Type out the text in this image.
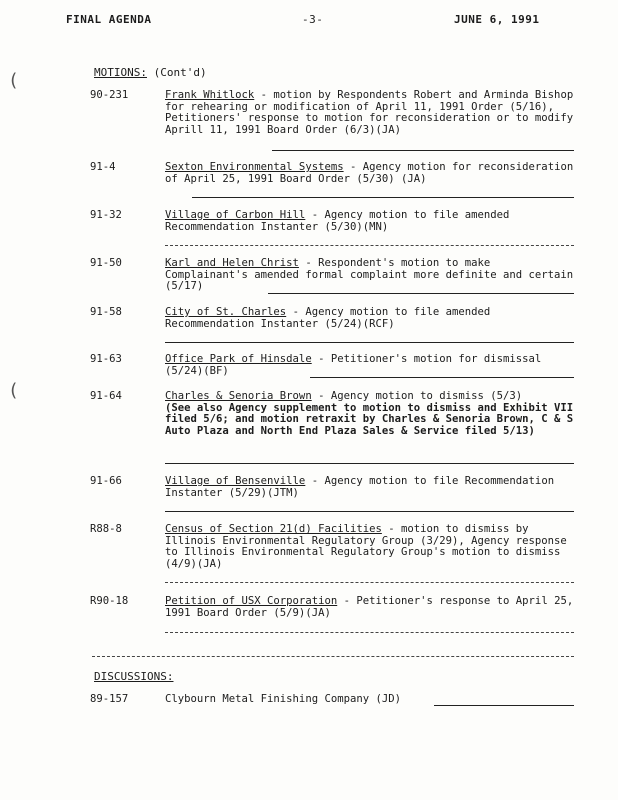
FINAL AGENDA	-3-	JUNE 6, 1991
(
(
MOTIONS: (Cont'd)
90-231	Frank Whitlock - motion by Respondents Robert and Arminda Bishop for rehearing or modification of April 11, 1991 Order (5/16), Petitioners' response to motion for reconsideration or to modify Aprill 11, 1991 Board Order (6/3)(JA)
91-4	Sexton Environmental Systems - Agency motion for reconsideration of April 25, 1991 Board Order (5/30) (JA)
91-32	Village of Carbon Hill - Agency motion to file amended Recommendation Instanter (5/30)(MN)
91-50	Karl and Helen Christ - Respondent's motion to make Complainant's amended formal complaint more definite and certain (5/17)
91-58	City of St. Charles - Agency motion to file amended Recommendation Instanter (5/24)(RCF)
91-63	Office Park of Hinsdale - Petitioner's motion for dismissal (5/24)(BF)
91-64	Charles & Senoria Brown - Agency motion to dismiss (5/3)
(See also Agency supplement to motion to dismiss and Exhibit VII filed 5/6; and motion retraxit by Charles & Senoria Brown, C & S Auto Plaza and North End Plaza Sales & Service filed 5/13)
91-66	Village of Bensenville - Agency motion to file Recommendation Instanter (5/29)(JTM)
R88-8	Census of Section 21(d) Facilities - motion to dismiss by Illinois Environmental Regulatory Group (3/29), Agency response to Illinois Environmental Regulatory Group's motion to dismiss (4/9)(JA)
R90-18	Petition of USX Corporation - Petitioner's response to April 25, 1991 Board Order (5/9)(JA)
DISCUSSIONS:
89-157	Clybourn Metal Finishing Company (JD)
